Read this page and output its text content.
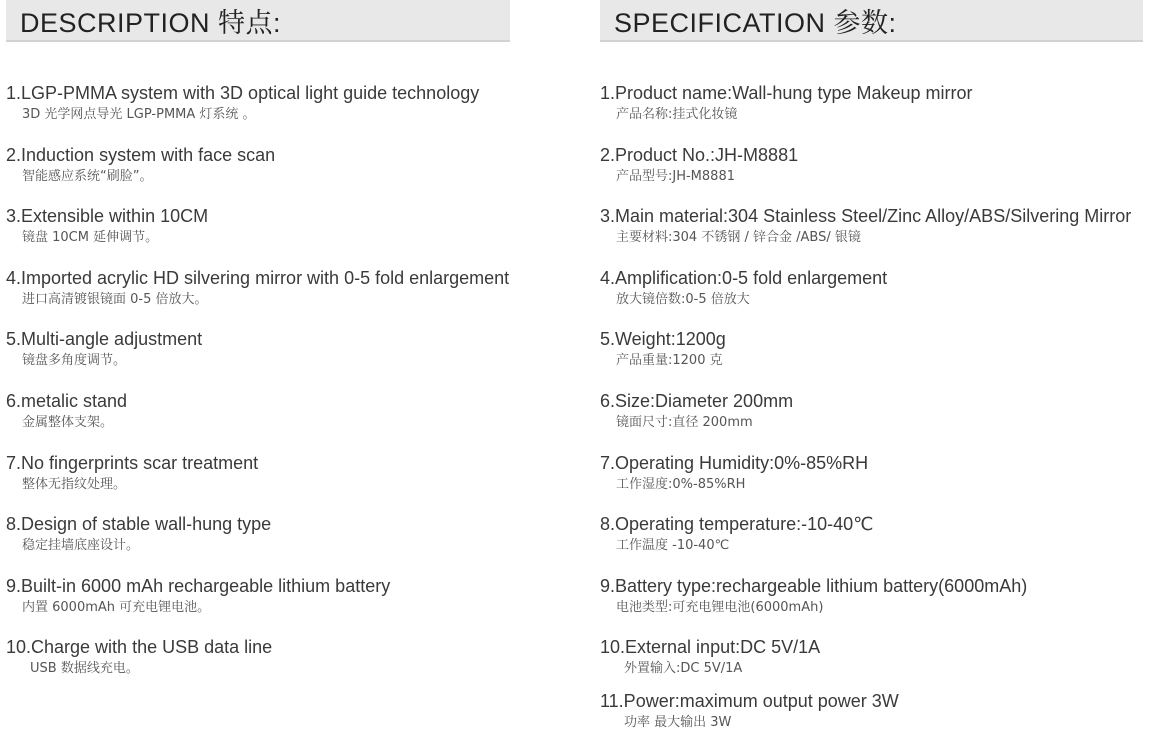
DESCRIPTION 特点:
1.LGP-PMMA system with 3D optical light guide technology
3D 光学网点导光 LGP-PMMA 灯系统 。
2.Induction system with face scan
智能感应系统“刷脸”。
3.Extensible within 10CM
镜盘 10CM 延伸调节。
4.Imported acrylic HD silvering mirror with 0-5 fold enlargement
进口高清镀银镜面 0-5 倍放大。
5.Multi-angle adjustment
镜盘多角度调节。
6.metalic stand
金属整体支架。
7.No fingerprints scar treatment
整体无指纹处理。
8.Design of stable wall-hung type
稳定挂墙底座设计。
9.Built-in 6000 mAh rechargeable lithium battery
内置 6000mAh 可充电锂电池。
10.Charge with the USB data line
USB 数据线充电。
SPECIFICATION 参数:
1.Product name:Wall-hung type Makeup mirror
产品名称:挂式化妆镜
2.Product No.:JH-M8881
产品型号:JH-M8881
3.Main material:304 Stainless Steel/Zinc Alloy/ABS/Silvering Mirror
主要材料:304 不锈钢 / 锌合金 /ABS/ 银镜
4.Amplification:0-5 fold enlargement
放大镜倍数:0-5 倍放大
5.Weight:1200g
产品重量:1200 克
6.Size:Diameter 200mm
镜面尺寸:直径 200mm
7.Operating Humidity:0%-85%RH
工作湿度:0%-85%RH
8.Operating temperature:-10-40℃
工作温度 -10-40℃
9.Battery type:rechargeable lithium battery(6000mAh)
电池类型:可充电锂电池(6000mAh)
10.External input:DC 5V/1A
外置输入:DC 5V/1A
11.Power:maximum output power 3W
功率 最大输出 3W
